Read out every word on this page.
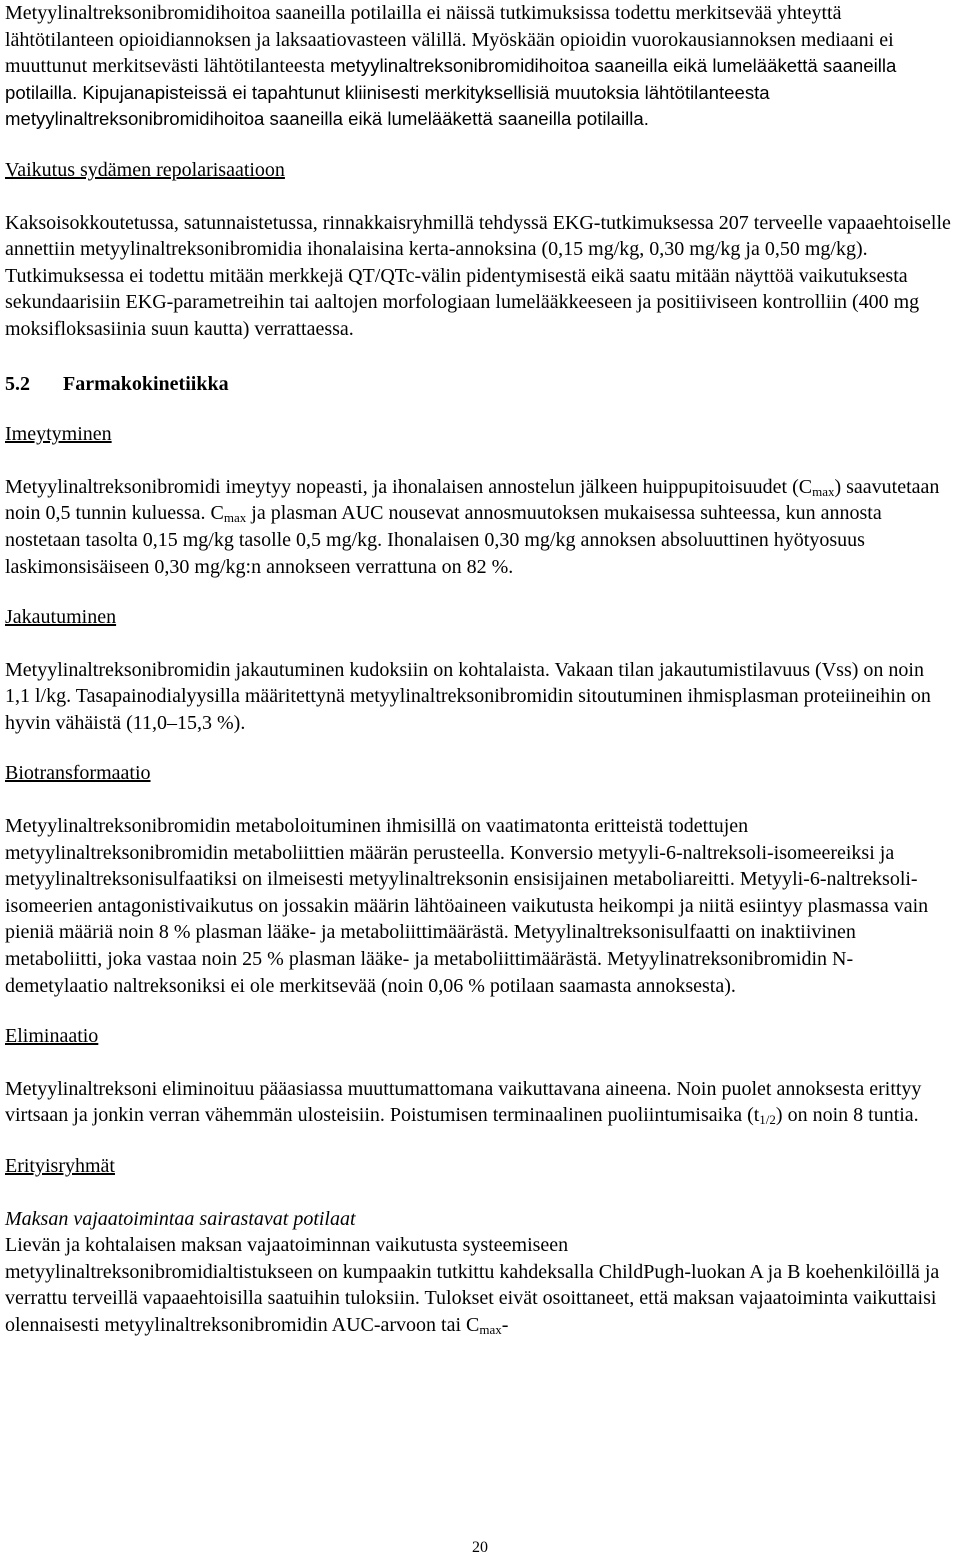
Metyylinaltreksonibromidihoitoa saaneilla potilailla ei näissä tutkimuksissa todettu merkitsevää yhteyttä lähtötilanteen opioidiannoksen ja laksaatiovasteen välillä. Myöskään opioidin vuorokausiannoksen mediaani ei muuttunut merkitsevästi lähtötilanteesta metyylinaltreksonibromidihoitoa saaneilla eikä lumelääkettä saaneilla potilailla. Kipujanapisteissä ei tapahtunut kliinisesti merkityksellisiä muutoksia lähtötilanteesta metyylinaltreksonibromidihoitoa saaneilla eikä lumelääkettä saaneilla potilailla.

Vaikutus sydämen repolarisaatioon

Kaksoisokkoutetussa, satunnaistetussa, rinnakkaisryhmillä tehdyssä EKG-tutkimuksessa 207 terveelle vapaaehtoiselle annettiin metyylinaltreksonibromidia ihonalaisina kerta-annoksina (0,15 mg/kg, 0,30 mg/kg ja 0,50 mg/kg). Tutkimuksessa ei todettu mitään merkkejä QT/QTc-välin pidentymisestä eikä saatu mitään näyttöä vaikutuksesta sekundaarisiin EKG-parametreihin tai aaltojen morfologiaan lumelääkkeeseen ja positiiviseen kontrolliin (400 mg moksifloksasiinia suun kautta) verrattaessa.

5.2 Farmakokinetiikka

Imeytyminen

Metyylinaltreksonibromidi imeytyy nopeasti, ja ihonalaisen annostelun jälkeen huippupitoisuudet $(C_{max})$ saavutetaan noin 0,5 tunnin kuluessa. $C_{max}$ ja plasman AUC nousevat annosmuutoksen mukaisessa suhteessa, kun annosta nostetaan tasolta 0,15 mg/kg tasolle 0,5 mg/kg. Ihonalaisen 0,30 mg/kg annoksen absoluuttinen hyötyosuus laskimonsisäiseen 0,30 mg/kg:n annokseen verrattuna on 82 %.

Jakautuminen

Metyylinaltreksonibromidin jakautuminen kudoksiin on kohtalaista. Vakaan tilan jakautumistilavuus (Vss) on noin 1,1 l/kg. Tasapainodialyysilla määritettynä metyylinaltreksonibromidin sitoutuminen ihmisplasman proteiineihin on hyvin vähäistä (11,0–15,3 %).

Biotransformaatio

Metyylinaltreksonibromidin metaboloituminen ihmisillä on vaatimatonta eritteistä todettujen metyylinaltreksonibromidin metaboliittien määrän perusteella. Konversio metyyli-6-naltreksoli-isomeereiksi ja metyylinaltreksonisulfaatiksi on ilmeisesti metyylinaltreksonin ensisijainen metaboliareitti. Metyyli-6-naltreksoli-isomeerien antagonistivaikutus on jossakin määrin lähtöaineen vaikutusta heikompi ja niitä esiintyy plasmassa vain pieniä määriä noin 8 % plasman lääke- ja metaboliittimäärästä. Metyylinaltreksonisulfaatti on inaktiivinen metaboliitti, joka vastaa noin 25 % plasman lääke- ja metaboliittimäärästä. Metyylinatreksonibromidin N-demetylaatio naltreksoniksi ei ole merkitsevää (noin 0,06 % potilaan saamasta annoksesta).

Eliminaatio

Metyylinaltreksoni eliminoituu pääasiassa muuttumattomana vaikuttavana aineena. Noin puolet annoksesta erittyy virtsaan ja jonkin verran vähemmän ulosteisiin. Poistumisen terminaalinen puoliintumisaika $(t_{1/2})$ on noin 8 tuntia.

Erityisryhmät

Maksan vajaatoimintaa sairastavat potilaat

Lievän ja kohtalaisen maksan vajaatoiminnan vaikutusta systeemiseen

metyylinaltreksonibromidialtistukseen on kumpaakin tutkittu kahdeksalla ChildPugh-luokan A ja B koehenkilöillä ja verrattu terveillä vapaaehtoisilla saatuihin tuloksiin. Tulokset eivät osoittaneet, että maksan vajaatoiminta vaikuttaisi olennaisesti metyylinaltreksonibromidin AUC-arvoon tai $C_{max}-$

20
